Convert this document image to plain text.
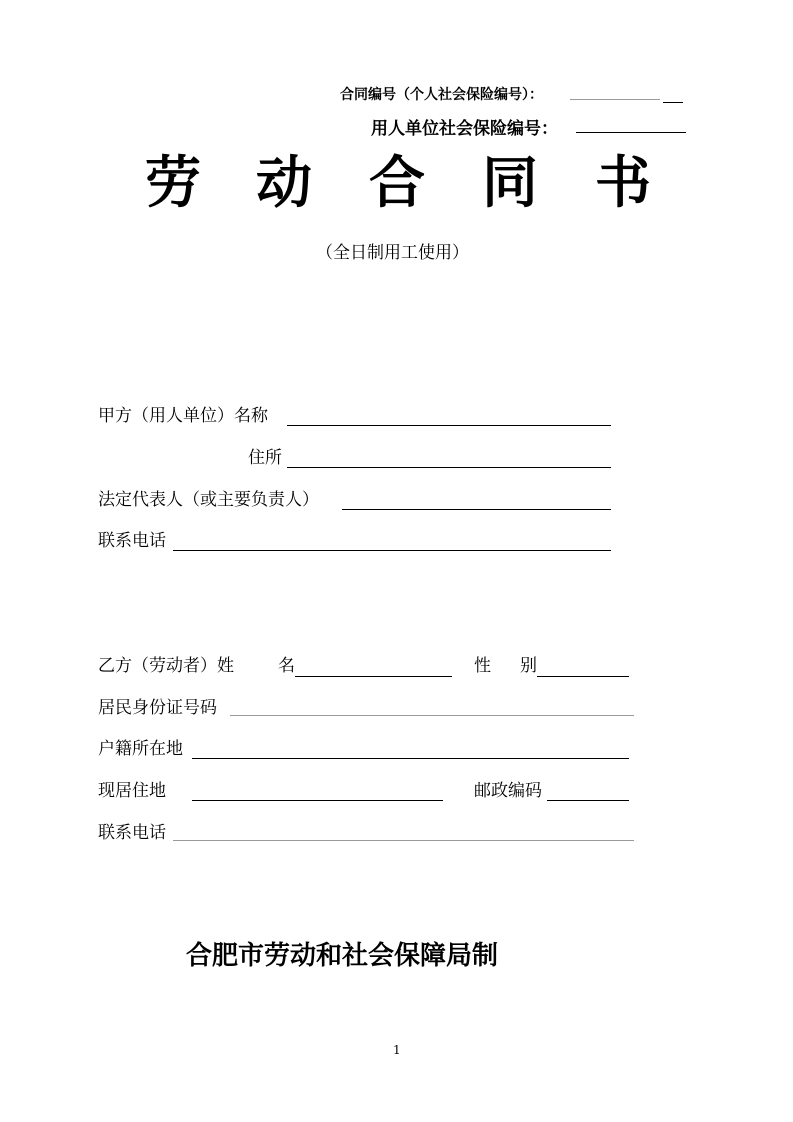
合同编号（个人社会保险编号）：
用人单位社会保险编号：
劳 动 合 同 书
（全日制用工使用）
甲方（用人单位）名称
住所
法定代表人（或主要负责人）
联系电话
乙方（劳动者）姓	名	性 别
居民身份证号码
户籍所在地
现居住地	邮政编码
联系电话
合肥市劳动和社会保障局制
1
